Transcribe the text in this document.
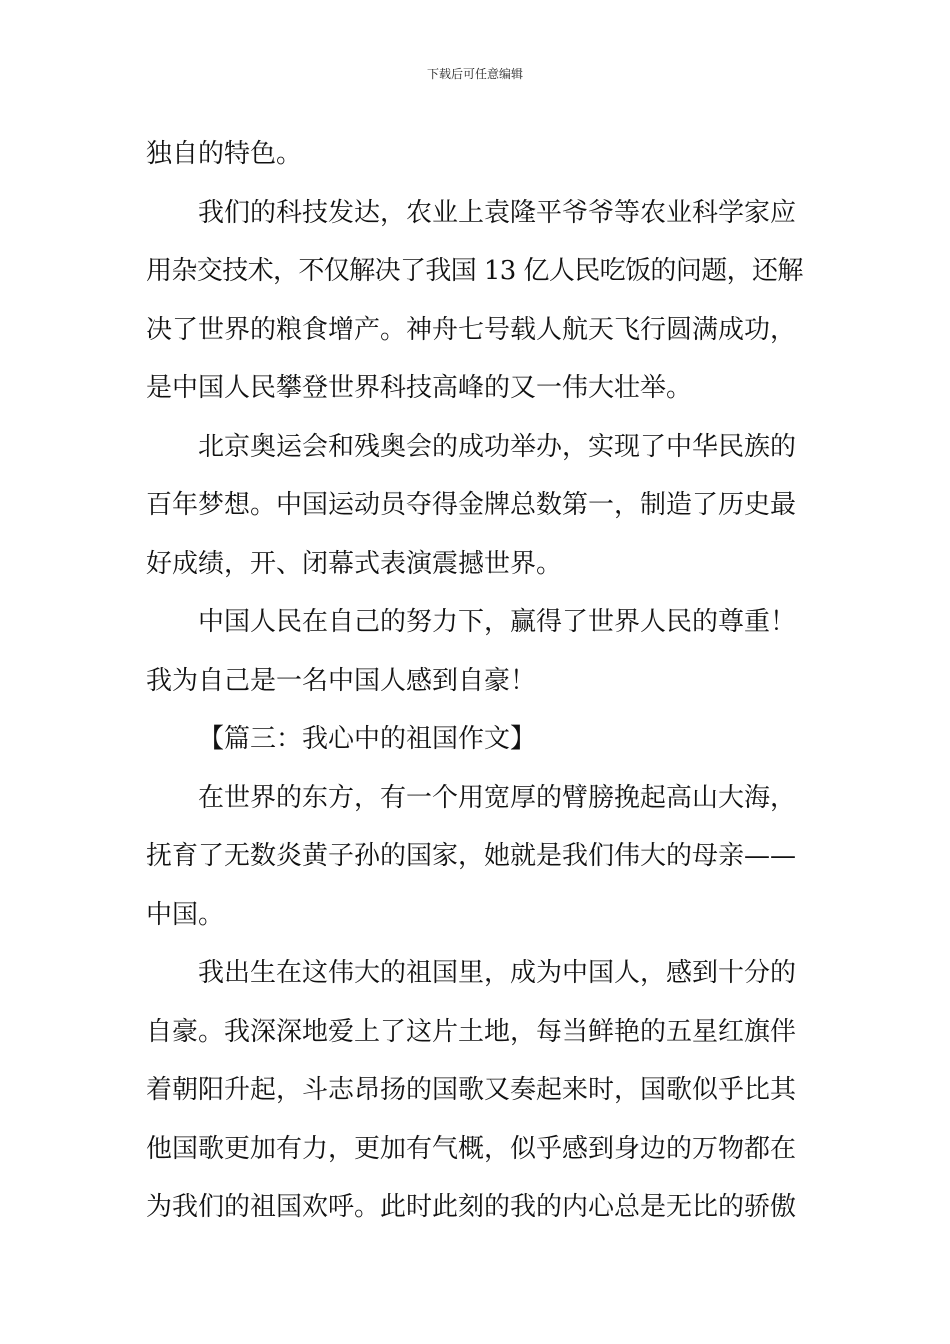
下载后可任意编辑
独自的特色。
我们的科技发达，农业上袁隆平爷爷等农业科学家应
用杂交技术，不仅解决了我国 13 亿人民吃饭的问题，还解
决了世界的粮食增产。神舟七号载人航天飞行圆满成功，
是中国人民攀登世界科技高峰的又一伟大壮举。
北京奥运会和残奥会的成功举办，实现了中华民族的
百年梦想。中国运动员夺得金牌总数第一，制造了历史最
好成绩，开、闭幕式表演震撼世界。
中国人民在自己的努力下，赢得了世界人民的尊重！
我为自己是一名中国人感到自豪！
【篇三：我心中的祖国作文】
在世界的东方，有一个用宽厚的臂膀挽起高山大海，
抚育了无数炎黄子孙的国家，她就是我们伟大的母亲——
中国。
我出生在这伟大的祖国里，成为中国人，感到十分的
自豪。我深深地爱上了这片土地，每当鲜艳的五星红旗伴
着朝阳升起，斗志昂扬的国歌又奏起来时，国歌似乎比其
他国歌更加有力，更加有气概，似乎感到身边的万物都在
为我们的祖国欢呼。此时此刻的我的内心总是无比的骄傲
